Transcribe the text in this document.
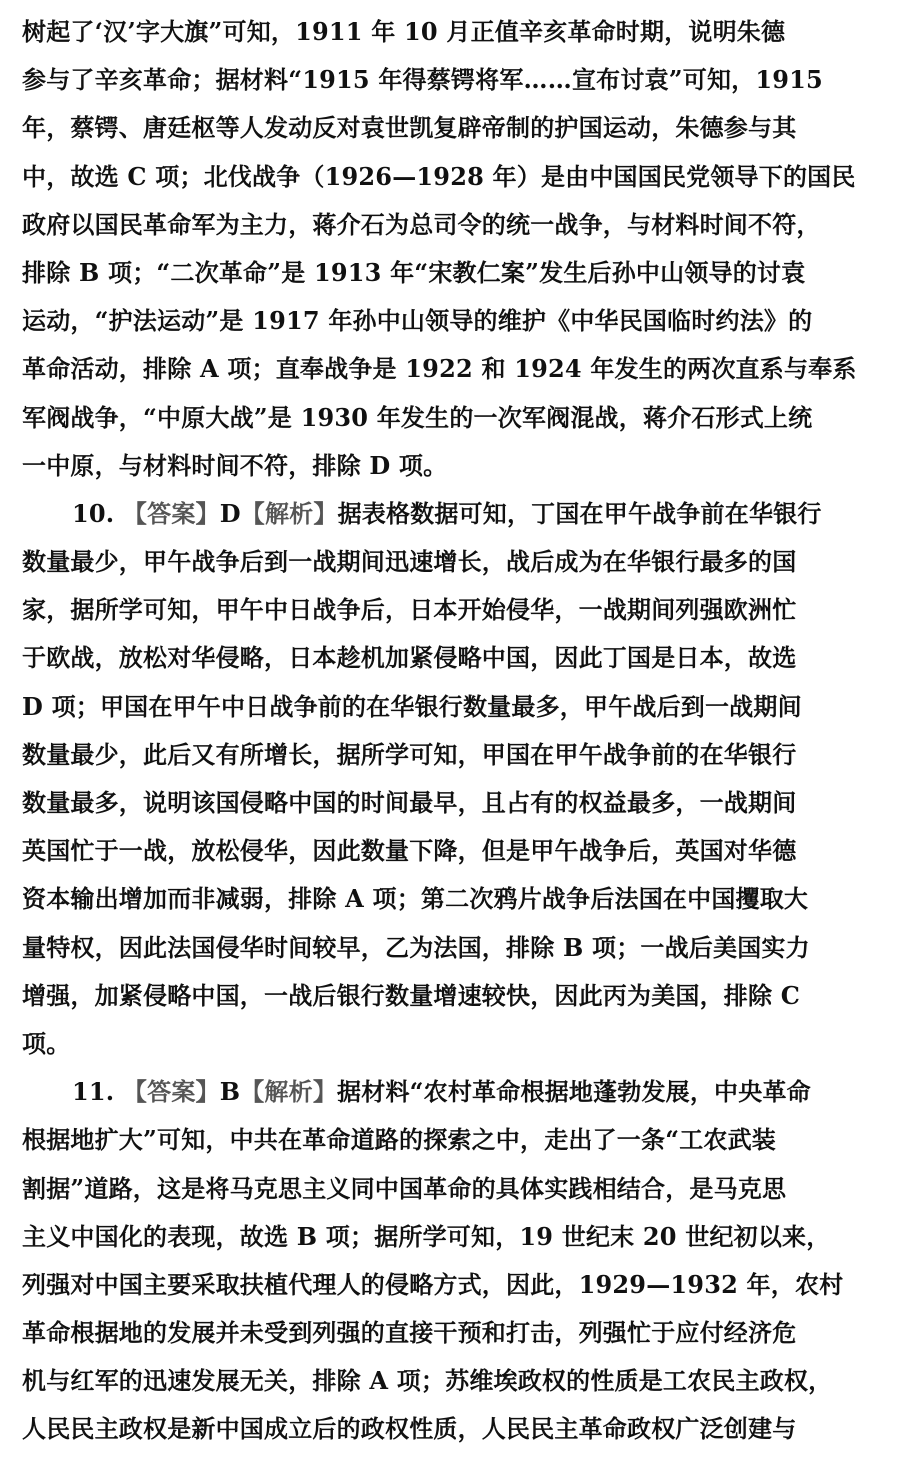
树起了‘汉’字大旗”可知，1911 年 10 月正值辛亥革命时期，说明朱德
参与了辛亥革命；据材料“1915 年得蔡锷将军……宣布讨袁”可知，1915
年，蔡锷、唐廷枢等人发动反对袁世凯复辟帝制的护国运动，朱德参与其
中，故选 C 项；北伐战争（1926—1928 年）是由中国国民党领导下的国民
政府以国民革命军为主力，蒋介石为总司令的统一战争，与材料时间不符，
排除 B 项；“二次革命”是 1913 年“宋教仁案”发生后孙中山领导的讨袁
运动，“护法运动”是 1917 年孙中山领导的维护《中华民国临时约法》的
革命活动，排除 A 项；直奉战争是 1922 和 1924 年发生的两次直系与奉系
军阀战争，“中原大战”是 1930 年发生的一次军阀混战，蒋介石形式上统
一中原，与材料时间不符，排除 D 项。
10. 【答案】D【解析】据表格数据可知，丁国在甲午战争前在华银行
数量最少，甲午战争后到一战期间迅速增长，战后成为在华银行最多的国
家，据所学可知，甲午中日战争后，日本开始侵华，一战期间列强欧洲忙
于欧战，放松对华侵略，日本趁机加紧侵略中国，因此丁国是日本，故选
D 项；甲国在甲午中日战争前的在华银行数量最多，甲午战后到一战期间
数量最少，此后又有所增长，据所学可知，甲国在甲午战争前的在华银行
数量最多，说明该国侵略中国的时间最早，且占有的权益最多，一战期间
英国忙于一战，放松侵华，因此数量下降，但是甲午战争后，英国对华德
资本输出增加而非减弱，排除 A 项；第二次鸦片战争后法国在中国攫取大
量特权，因此法国侵华时间较早，乙为法国，排除 B 项；一战后美国实力
增强，加紧侵略中国，一战后银行数量增速较快，因此丙为美国，排除 C
项。
11. 【答案】B【解析】据材料“农村革命根据地蓬勃发展，中央革命
根据地扩大”可知，中共在革命道路的探索之中，走出了一条“工农武装
割据”道路，这是将马克思主义同中国革命的具体实践相结合，是马克思
主义中国化的表现，故选 B 项；据所学可知，19 世纪末 20 世纪初以来，
列强对中国主要采取扶植代理人的侵略方式，因此，1929—1932 年，农村
革命根据地的发展并未受到列强的直接干预和打击，列强忙于应付经济危
机与红军的迅速发展无关，排除 A 项；苏维埃政权的性质是工农民主政权，
人民民主政权是新中国成立后的政权性质，人民民主革命政权广泛创建与
